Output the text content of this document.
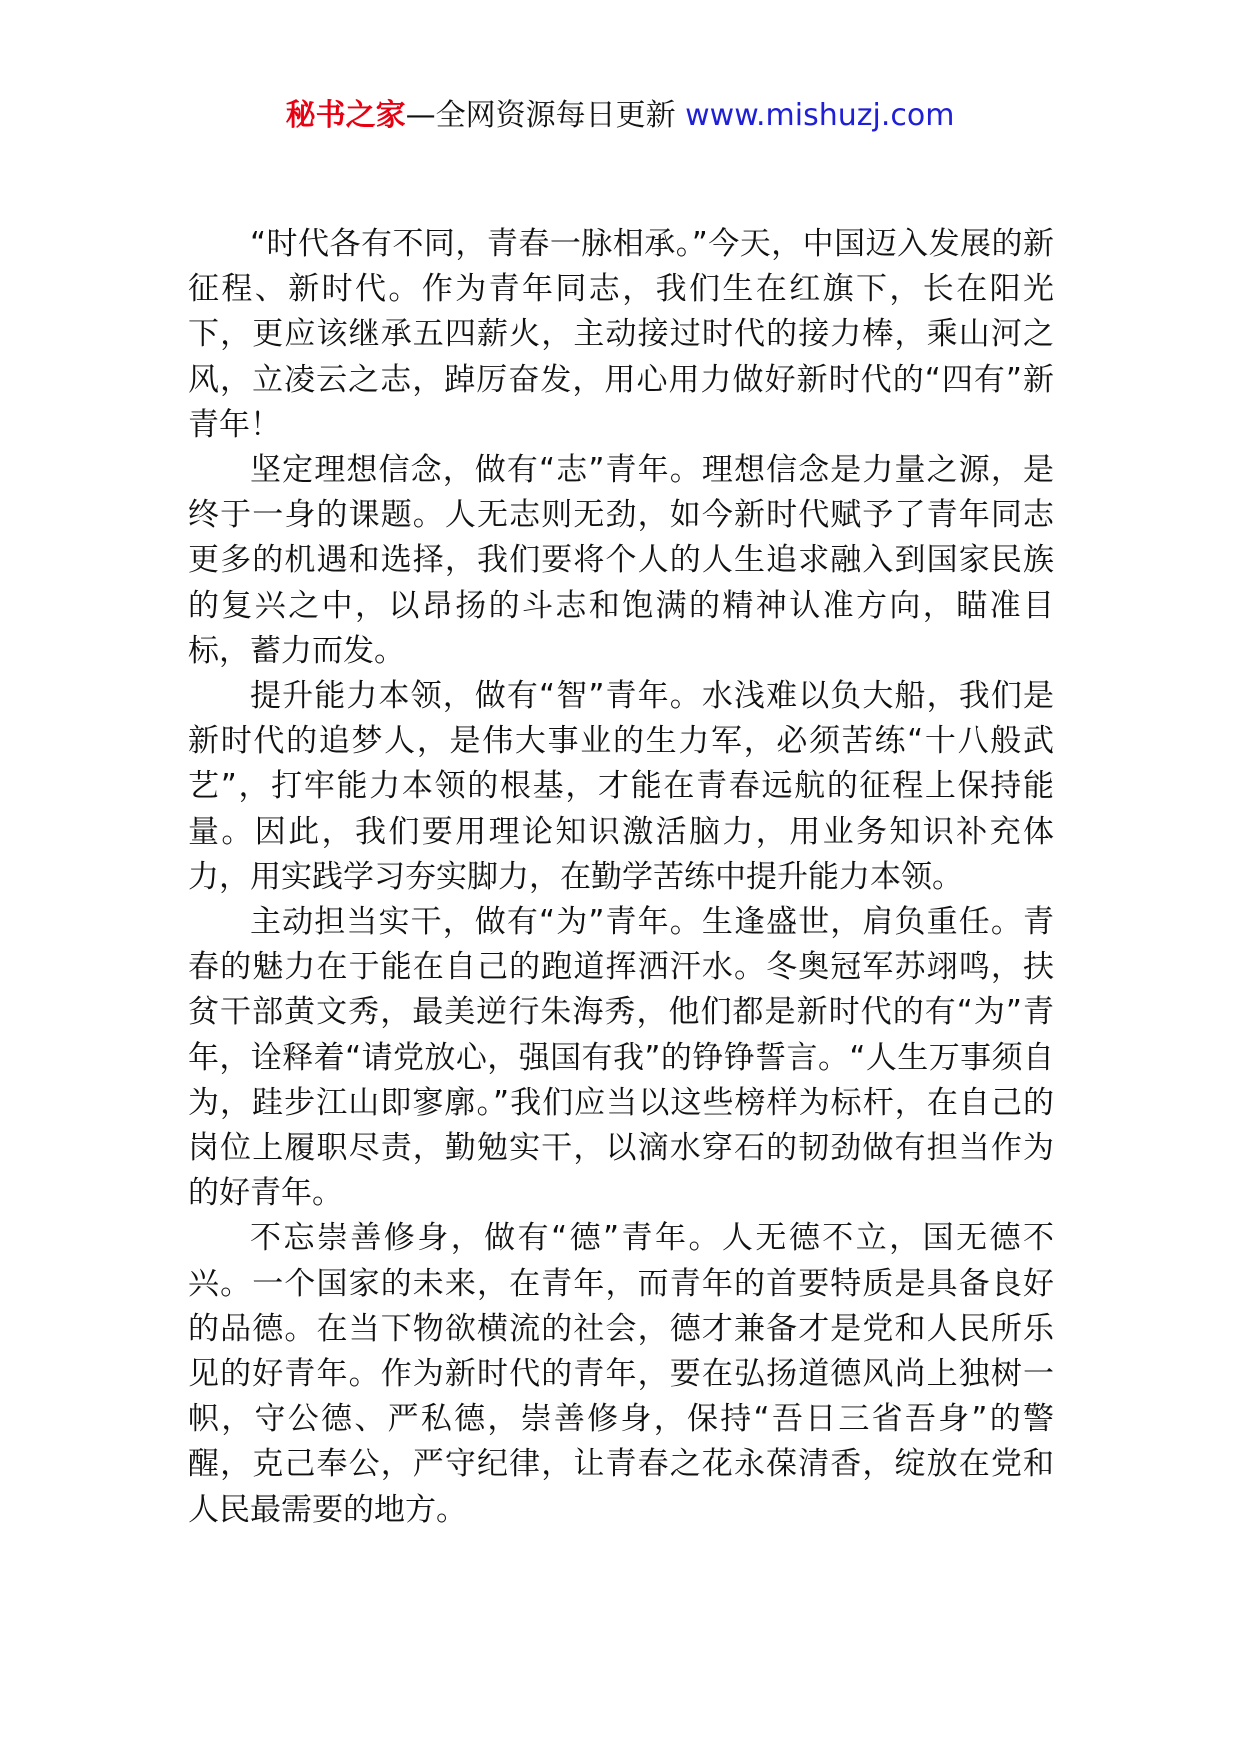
秘书之家—全网资源每日更新 www.mishuzj.com

“时代各有不同，青春一脉相承。”今天，中国迈入发展的新征程、新时代。作为青年同志，我们生在红旗下，长在阳光下，更应该继承五四薪火，主动接过时代的接力棒，乘山河之风，立凌云之志，踔厉奋发，用心用力做好新时代的“四有”新青年！

坚定理想信念，做有“志”青年。理想信念是力量之源，是终于一身的课题。人无志则无劲，如今新时代赋予了青年同志更多的机遇和选择，我们要将个人的人生追求融入到国家民族的复兴之中，以昂扬的斗志和饱满的精神认准方向，瞄准目标，蓄力而发。

提升能力本领，做有“智”青年。水浅难以负大船，我们是新时代的追梦人，是伟大事业的生力军，必须苦练“十八般武艺”，打牢能力本领的根基，才能在青春远航的征程上保持能量。因此，我们要用理论知识激活脑力，用业务知识补充体力，用实践学习夯实脚力，在勤学苦练中提升能力本领。

主动担当实干，做有“为”青年。生逢盛世，肩负重任。青春的魅力在于能在自己的跑道挥洒汗水。冬奥冠军苏翊鸣，扶贫干部黄文秀，最美逆行朱海秀，他们都是新时代的有“为”青年，诠释着“请党放心，强国有我”的铮铮誓言。“人生万事须自为，跬步江山即寥廓。”我们应当以这些榜样为标杆，在自己的岗位上履职尽责，勤勉实干，以滴水穿石的韧劲做有担当作为的好青年。

不忘崇善修身，做有“德”青年。人无德不立，国无德不兴。一个国家的未来，在青年，而青年的首要特质是具备良好的品德。在当下物欲横流的社会，德才兼备才是党和人民所乐见的好青年。作为新时代的青年，要在弘扬道德风尚上独树一帜，守公德、严私德，崇善修身，保持“吾日三省吾身”的警醒，克己奉公，严守纪律，让青春之花永葆清香，绽放在党和人民最需要的地方。
